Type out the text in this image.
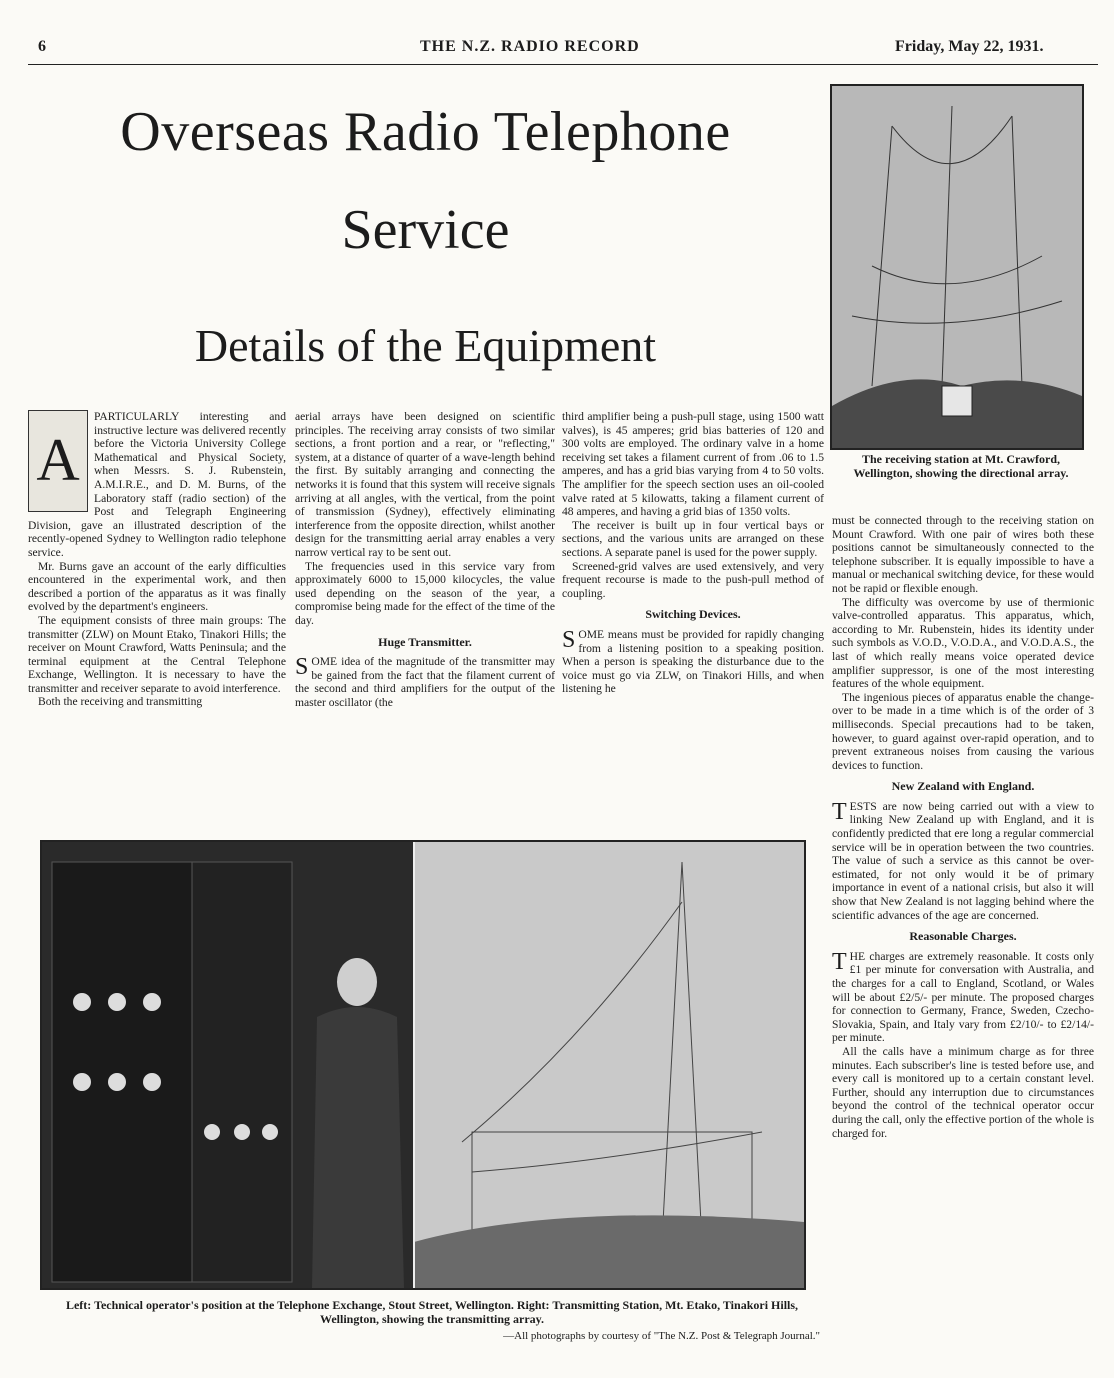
6	THE N.Z. RADIO RECORD	Friday, May 22, 1931.
Overseas Radio Telephone
Service
Details of the Equipment
The receiving station at Mt. Crawford, Wellington, showing the directional array.
A

PARTICULARLY interesting and instructive lecture was delivered recently before the Victoria University College Mathematical and Physical Society, when Messrs. S. J. Rubenstein, A.M.I.R.E., and D. M. Burns, of the Laboratory staff (radio section) of the Post and Telegraph Engineering Division, gave an illustrated description of the recently-opened Sydney to Wellington radio telephone service.

Mr. Burns gave an account of the early difficulties encountered in the experimental work, and then described a portion of the apparatus as it was finally evolved by the department's engineers.

The equipment consists of three main groups: The transmitter (ZLW) on Mount Etako, Tinakori Hills; the receiver on Mount Crawford, Watts Peninsula; and the terminal equipment at the Central Telephone Exchange, Wellington. It is necessary to have the transmitter and receiver separate to avoid interference.

Both the receiving and transmitting

aerial arrays have been designed on scientific principles. The receiving array consists of two similar sections, a front portion and a rear, or "reflecting," system, at a distance of quarter of a wave-length behind the first. By suitably arranging and connecting the networks it is found that this system will receive signals arriving at all angles, with the vertical, from the point of transmission (Sydney), effectively eliminating interference from the opposite direction, whilst another design for the transmitting aerial array enables a very narrow vertical ray to be sent out.

The frequencies used in this service vary from approximately 6000 to 15,000 kilocycles, the value used depending on the season of the year, a compromise being made for the effect of the time of the day.

Huge Transmitter.

SOME idea of the magnitude of the transmitter may be gained from the fact that the filament current of the second and third amplifiers for the output of the master oscillator (the

third amplifier being a push-pull stage, using 1500 watt valves), is 45 amperes; grid bias batteries of 120 and 300 volts are employed. The ordinary valve in a home receiving set takes a filament current of from .06 to 1.5 amperes, and has a grid bias varying from 4 to 50 volts. The amplifier for the speech section uses an oil-cooled valve rated at 5 kilowatts, taking a filament current of 48 amperes, and having a grid bias of 1350 volts.

The receiver is built up in four vertical bays or sections, and the various units are arranged on these sections. A separate panel is used for the power supply.

Screened-grid valves are used extensively, and very frequent recourse is made to the push-pull method of coupling.

Switching Devices.

SOME means must be provided for rapidly changing from a listening position to a speaking position. When a person is speaking the disturbance due to the voice must go via ZLW, on Tinakori Hills, and when listening he

must be connected through to the receiving station on Mount Crawford. With one pair of wires both these positions cannot be simultaneously connected to the telephone subscriber. It is equally impossible to have a manual or mechanical switching device, for these would not be rapid or flexible enough.

The difficulty was overcome by use of thermionic valve-controlled apparatus. This apparatus, which, according to Mr. Rubenstein, hides its identity under such symbols as V.O.D., V.O.D.A., and V.O.D.A.S., the last of which really means voice operated device amplifier suppressor, is one of the most interesting features of the whole equipment.

The ingenious pieces of apparatus enable the change-over to be made in a time which is of the order of 3 milliseconds. Special precautions had to be taken, however, to guard against over-rapid operation, and to prevent extraneous noises from causing the various devices to function.

New Zealand with England.

TESTS are now being carried out with a view to linking New Zealand up with England, and it is confidently predicted that ere long a regular commercial service will be in operation between the two countries. The value of such a service as this cannot be over-estimated, for not only would it be of primary importance in event of a national crisis, but also it will show that New Zealand is not lagging behind where the scientific advances of the age are concerned.

Reasonable Charges.

THE charges are extremely reasonable. It costs only £1 per minute for conversation with Australia, and the charges for a call to England, Scotland, or Wales will be about £2/5/- per minute. The proposed charges for connection to Germany, France, Sweden, Czecho-Slovakia, Spain, and Italy vary from £2/10/- to £2/14/- per minute.

All the calls have a minimum charge as for three minutes. Each subscriber's line is tested before use, and every call is monitored up to a certain constant level. Further, should any interruption due to circumstances beyond the control of the technical operator occur during the call, only the effective portion of the whole is charged for.

Left: Technical operator's position at the Telephone Exchange, Stout Street, Wellington. Right: Transmitting Station, Mt. Etako, Tinakori Hills, Wellington, showing the transmitting array.
—All photographs by courtesy of "The N.Z. Post & Telegraph Journal."
